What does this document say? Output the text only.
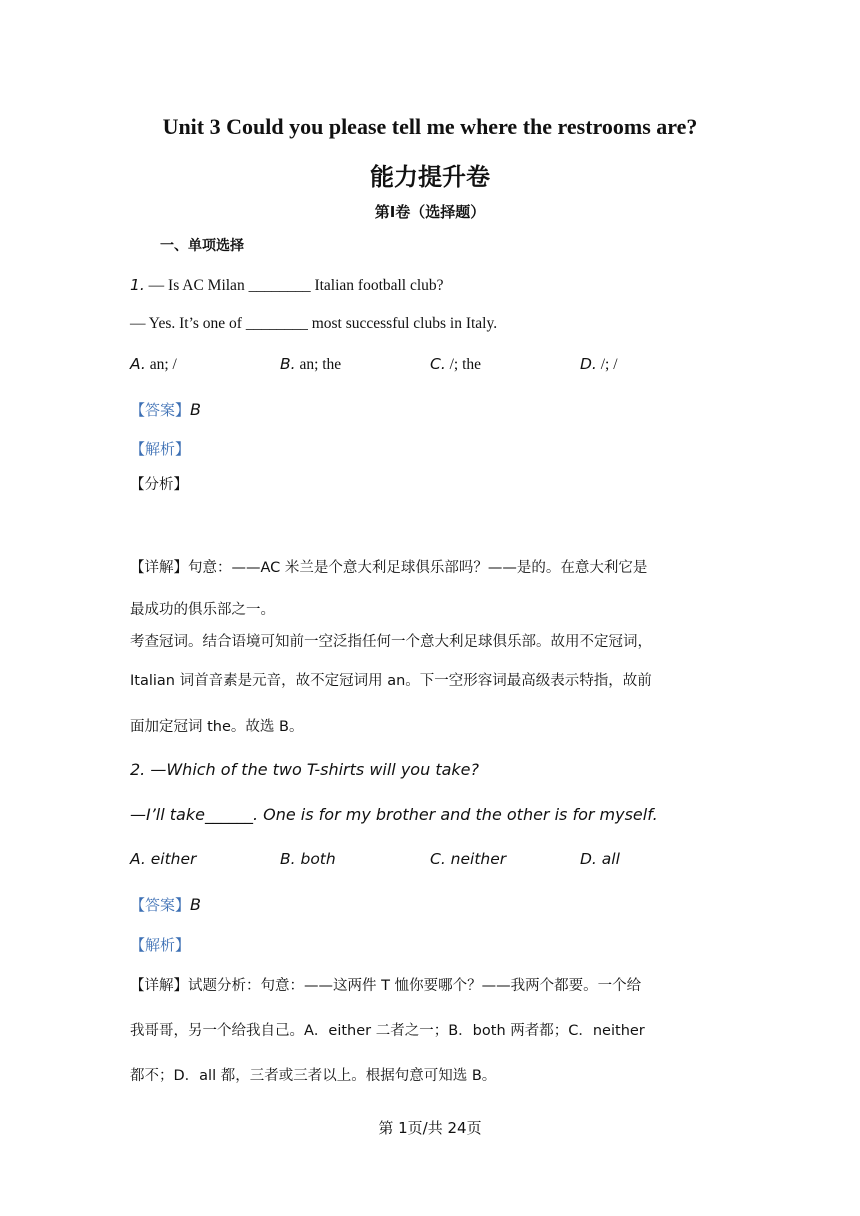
Unit 3 Could you please tell me where the restrooms are?
能力提升卷
第I卷（选择题）
一、单项选择
1. — Is AC Milan ________ Italian football club?
— Yes. It’s one of ________ most successful clubs in Italy.
A. an; /	B. an; the	C. /; the	D. /; /
【答案】B
【解析】
【分析】
【详解】句意：——AC 米兰是个意大利足球俱乐部吗？——是的。在意大利它是
最成功的俱乐部之一。
考查冠词。结合语境可知前一空泛指任何一个意大利足球俱乐部。故用不定冠词，
Italian 词首音素是元音，故不定冠词用 an。下一空形容词最高级表示特指，故前
面加定冠词 the。故选 B。
2. —Which of the two T-shirts will you take?
—I’ll take______. One is for my brother and the other is for myself.
A. either	B. both	C. neither	D. all
【答案】B
【解析】
【详解】试题分析：句意：——这两件 T 恤你要哪个？——我两个都要。一个给
我哥哥，另一个给我自己。A．either 二者之一；B．both 两者都；C．neither
都不；D．all 都，三者或三者以上。根据句意可知选 B。
第 1页/共 24页
